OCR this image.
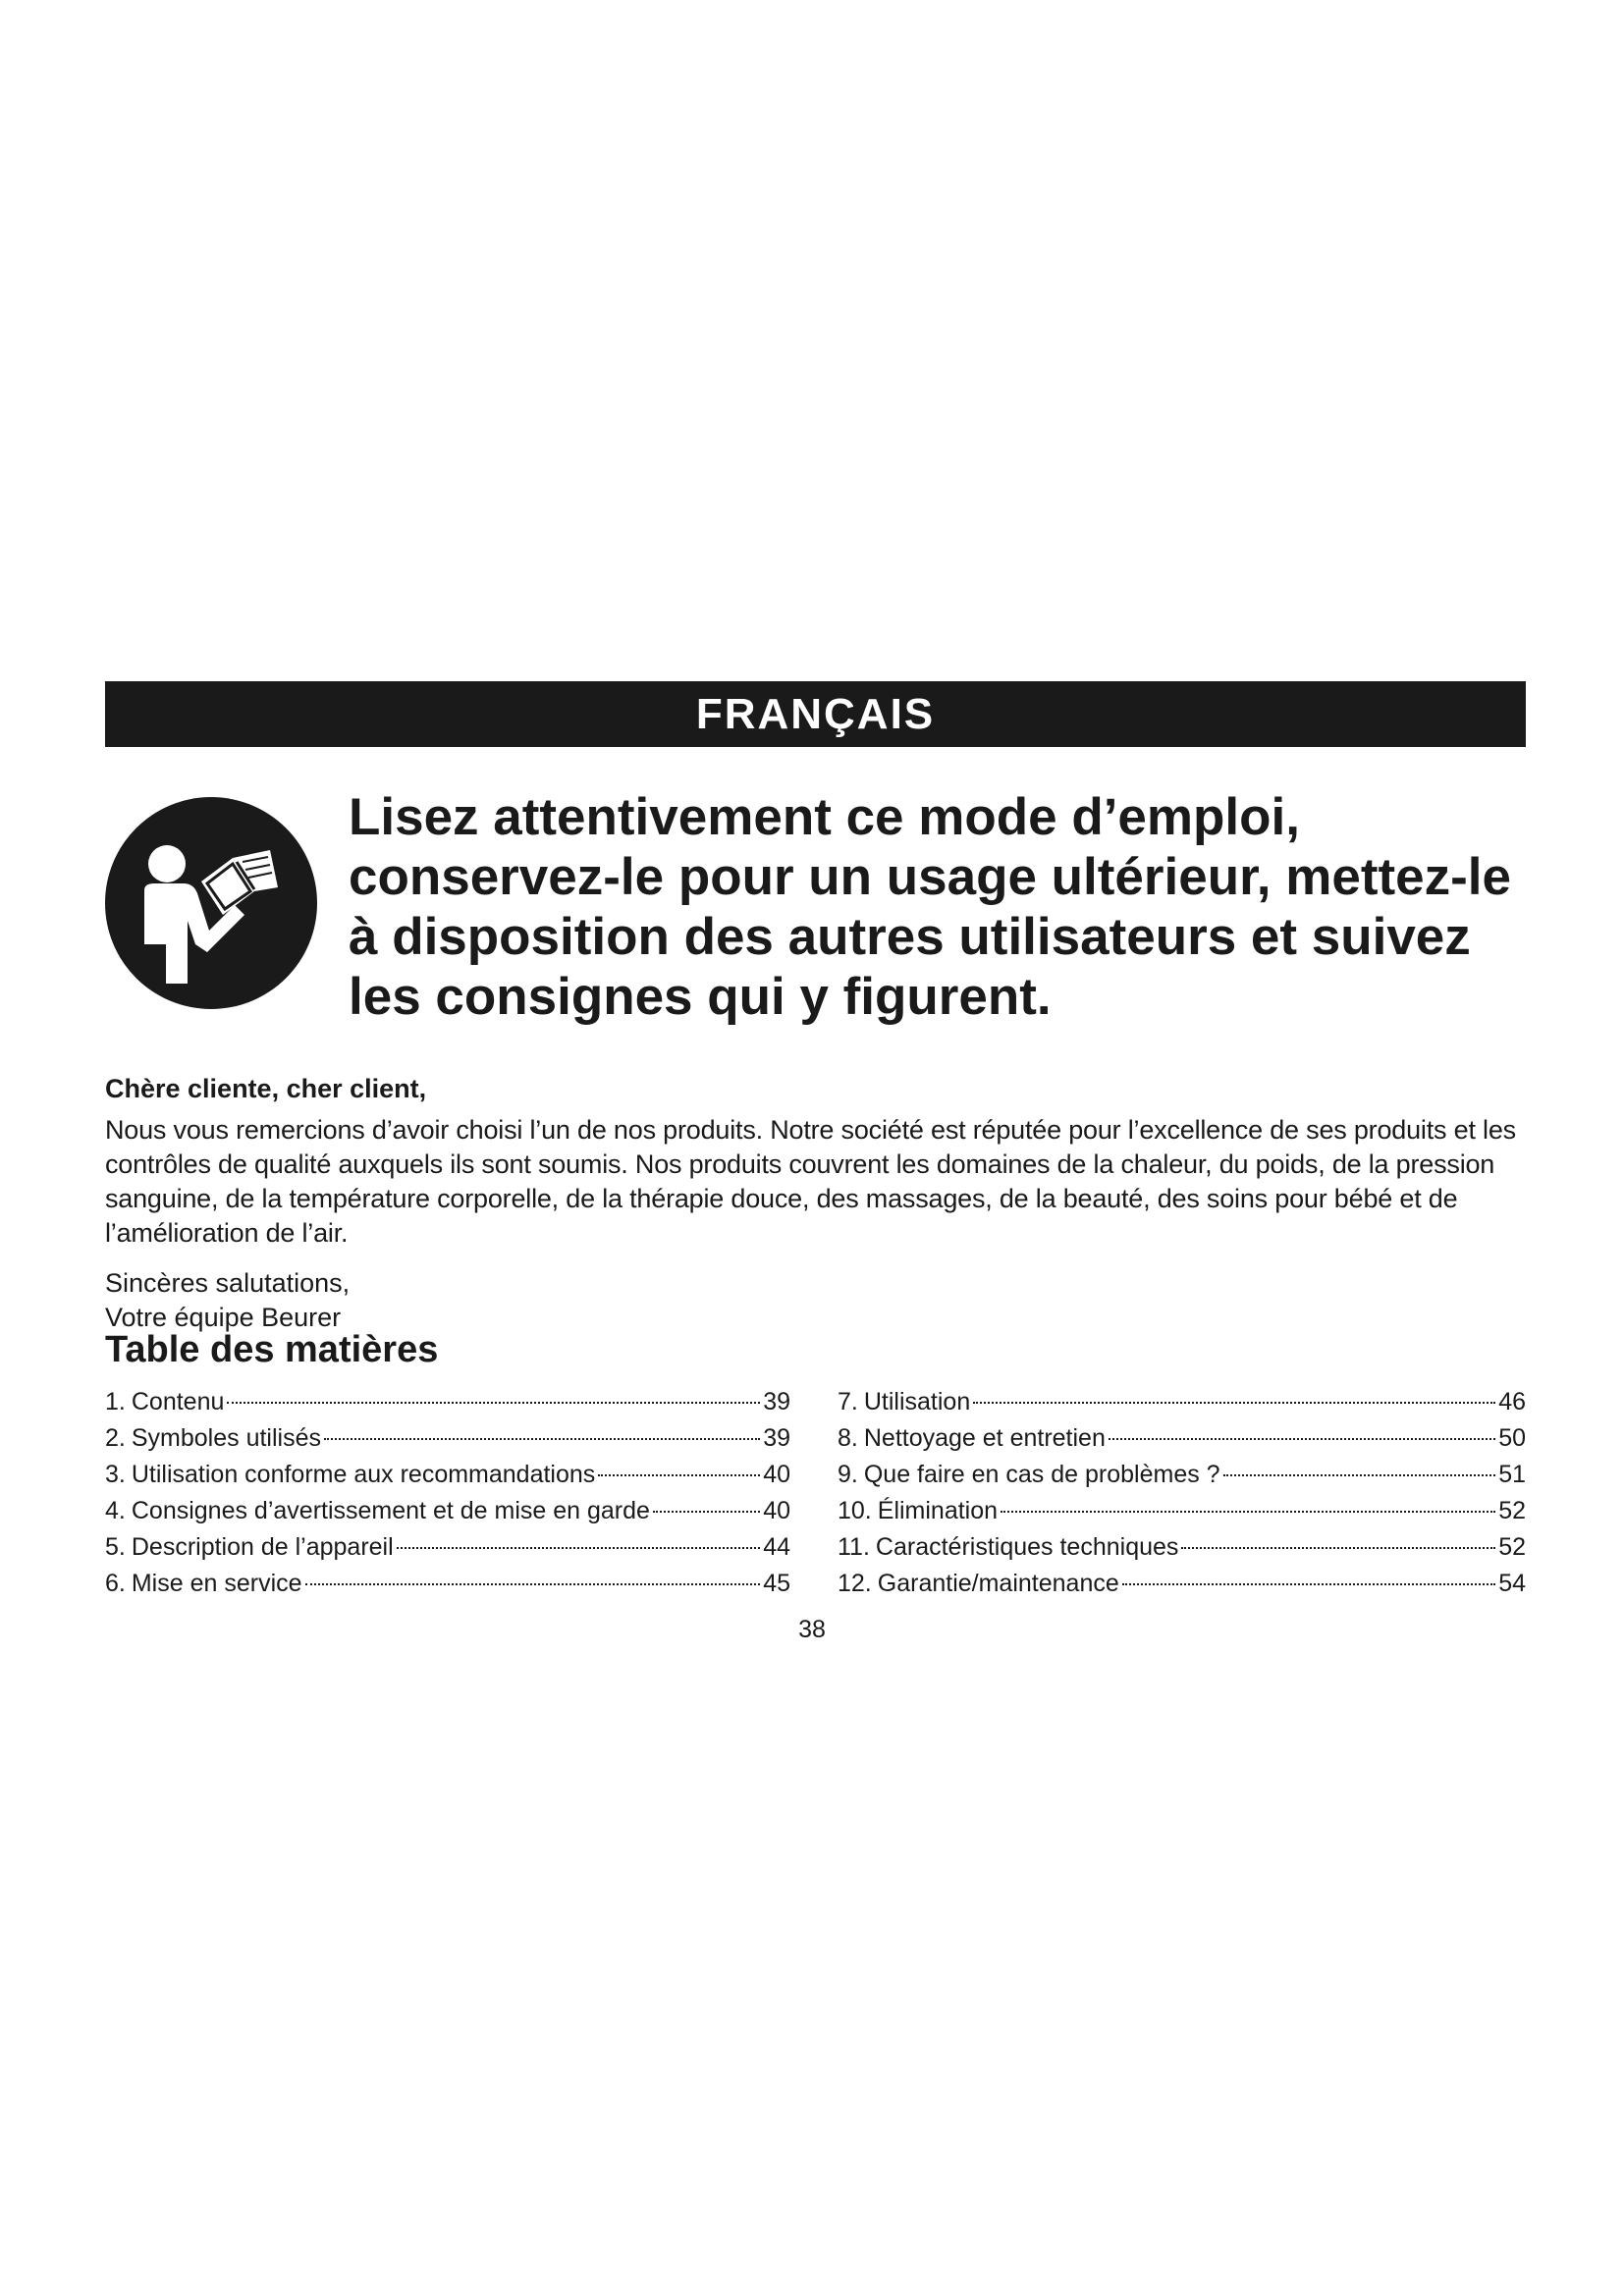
FRANÇAIS
Lisez attentivement ce mode d’emploi, conservez-le pour un usage ultérieur, mettez-le à disposition des autres utilisateurs et suivez les consignes qui y figurent.

Chère cliente, cher client,

Nous vous remercions d’avoir choisi l’un de nos produits. Notre société est réputée pour l’excellence de ses produits et les contrôles de qualité auxquels ils sont soumis. Nos produits couvrent les domaines de la chaleur, du poids, de la pression sanguine, de la température corporelle, de la thérapie douce, des massages, de la beauté, des soins pour bébé et de l’amélioration de l’air.

Sincères salutations,
Votre équipe Beurer
Table des matières
1. Contenu	39
2. Symboles utilisés	39
3. Utilisation conforme aux recommandations	40
4. Consignes d’avertissement et de mise en garde	40
5. Description de l’appareil	44
6. Mise en service	45
7. Utilisation	46
8. Nettoyage et entretien	50
9. Que faire en cas de problèmes ?	51
10. Élimination	52
11. Caractéristiques techniques	52
12. Garantie/maintenance	54
38
